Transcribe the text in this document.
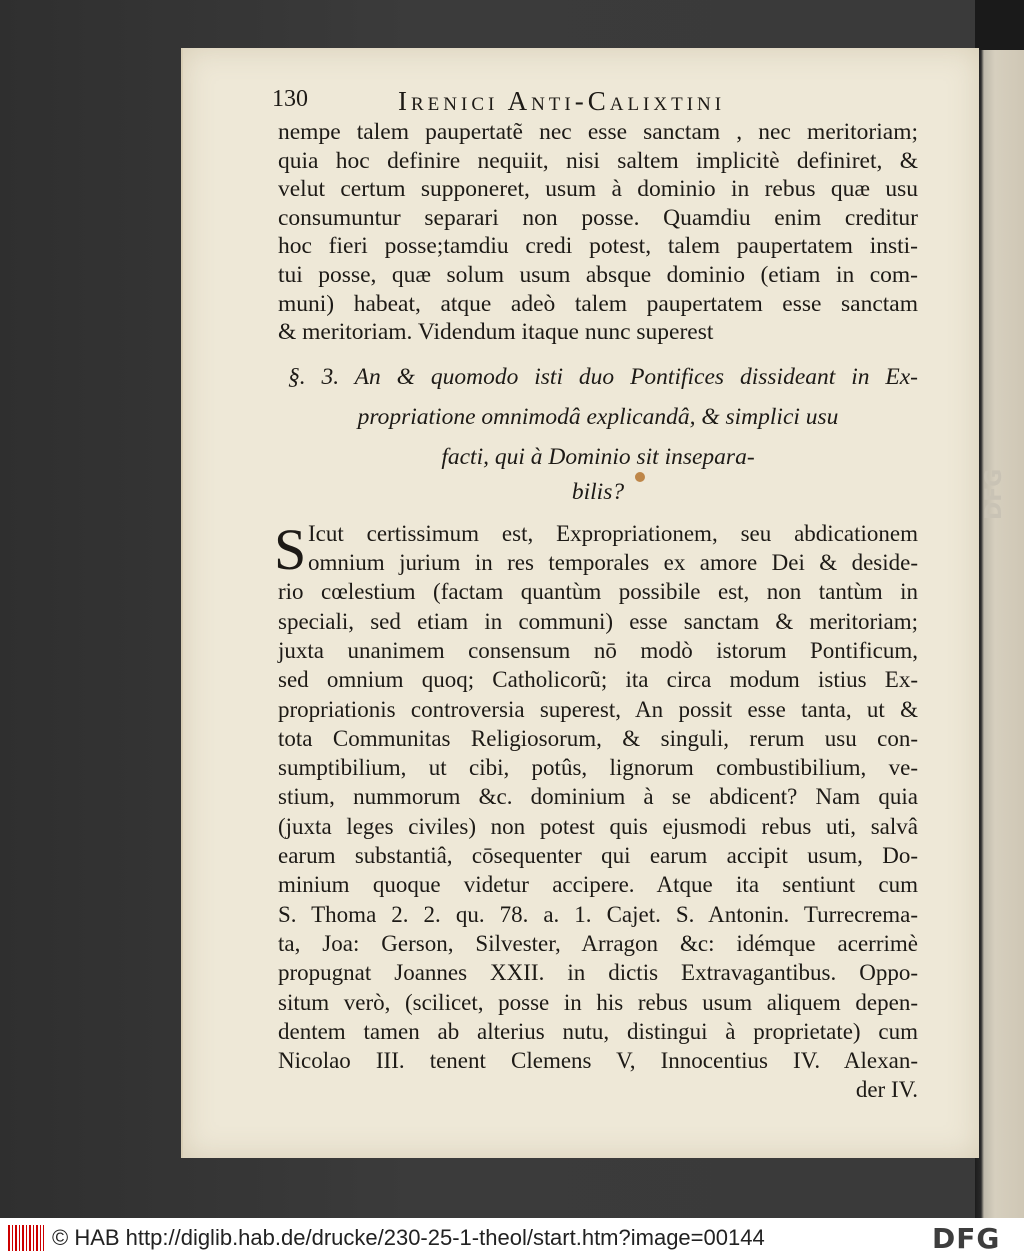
130	Irenici Anti-Calixtini
nempe talem paupertatẽ nec esse sanctam , nec meritoriam;
quia hoc definire nequiit, nisi saltem implicitè definiret, &
velut certum supponeret, usum à dominio in rebus quæ usu
consumuntur separari non posse. Quamdiu enim creditur
hoc fieri posse;tamdiu credi potest, talem paupertatem insti-
tui posse, quæ solum usum absque dominio (etiam in com-
muni) habeat, atque adeò talem paupertatem esse sanctam
& meritoriam. Videndum itaque nunc superest
§. 3. An & quomodo isti duo Pontifices dissideant in Ex-
propriatione omnimodâ explicandâ, & simplici usu
facti, qui à Dominio sit insepara-
bilis?
S Icut certissimum est, Expropriationem, seu abdicationem
omnium jurium in res temporales ex amore Dei & deside-
rio cœlestium (factam quantùm possibile est, non tantùm in
speciali, sed etiam in communi) esse sanctam & meritoriam;
juxta unanimem consensum nō modò istorum Pontificum,
sed omnium quoq; Catholicorũ; ita circa modum istius Ex-
propriationis controversia superest, An possit esse tanta, ut &
tota Communitas Religiosorum, & singuli, rerum usu con-
sumptibilium, ut cibi, potûs, lignorum combustibilium, ve-
stium, nummorum &c. dominium à se abdicent? Nam quia
(juxta leges civiles) non potest quis ejusmodi rebus uti, salvâ
earum substantiâ, cōsequenter qui earum accipit usum, Do-
minium quoque videtur accipere. Atque ita sentiunt cum
S. Thoma 2. 2. qu. 78. a. 1. Cajet. S. Antonin. Turrecrema-
ta, Joa: Gerson, Silvester, Arragon &c: idémque acerrimè
propugnat Joannes XXII. in dictis Extravagantibus. Oppo-
situm verò, (scilicet, posse in his rebus usum aliquem depen-
dentem tamen ab alterius nutu, distingui à proprietate) cum
Nicolao III. tenent Clemens V, Innocentius IV. Alexan-
der IV.
DFG
© HAB http://diglib.hab.de/drucke/230-25-1-theol/start.htm?image=00144	DFG
